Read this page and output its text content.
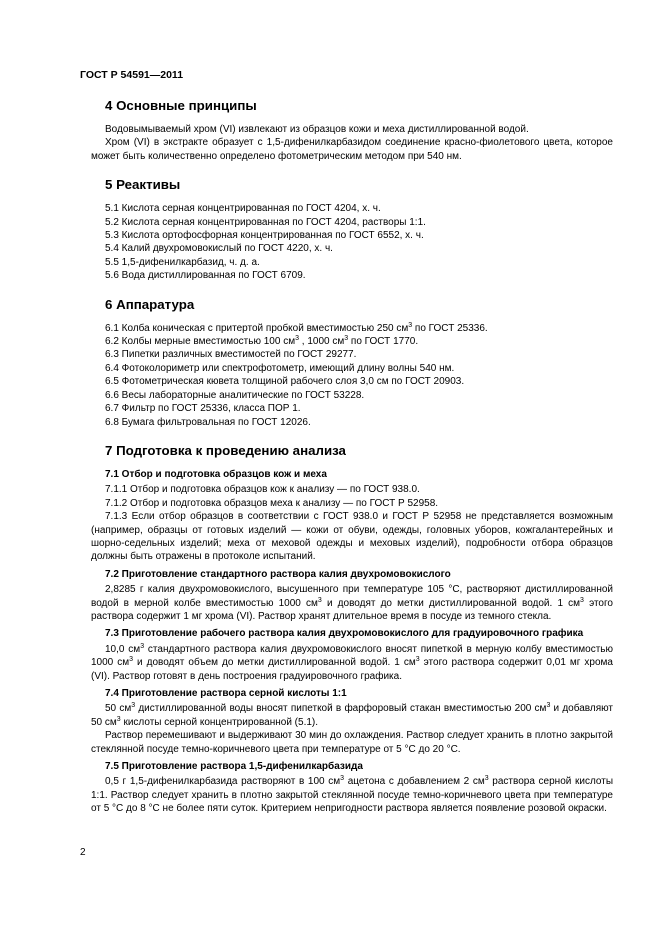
ГОСТ Р 54591—2011
4 Основные принципы

Водовымываемый хром (VI) извлекают из образцов кожи и меха дистиллированной водой.

Хром (VI) в экстракте образует с 1,5-дифенилкарбазидом соединение красно-фиолетового цвета, которое может быть количественно определено фотометрическим методом при 540 нм.

5 Реактивы
5.1 Кислота серная концентрированная по ГОСТ 4204, х. ч.
5.2 Кислота серная концентрированная по ГОСТ 4204, растворы 1:1.
5.3 Кислота ортофосфорная концентрированная по ГОСТ 6552, х. ч.
5.4 Калий двухромовокислый по ГОСТ 4220, х. ч.
5.5 1,5-дифенилкарбазид, ч. д. а.
5.6 Вода дистиллированная по ГОСТ 6709.
6 Аппаратура
6.1 Колба коническая с притертой пробкой вместимостью 250 $см^3$ по ГОСТ 25336.
6.2 Колбы мерные вместимостью 100 $см^3$ , 1000 $см^3$ по ГОСТ 1770.
6.3 Пипетки различных вместимостей по ГОСТ 29277.
6.4 Фотоколориметр или спектрофотометр, имеющий длину волны 540 нм.
6.5 Фотометрическая кювета толщиной рабочего слоя 3,0 см по ГОСТ 20903.
6.6 Весы лабораторные аналитические по ГОСТ 53228.
6.7 Фильтр по ГОСТ 25336, класса ПОР 1.
6.8 Бумага фильтровальная по ГОСТ 12026.
7 Подготовка к проведению анализа
7.1 Отбор и подготовка образцов кож и меха

7.1.1 Отбор и подготовка образцов кож к анализу — по ГОСТ 938.0.

7.1.2 Отбор и подготовка образцов меха к анализу — по ГОСТ Р 52958.

7.1.3 Если отбор образцов в соответствии с ГОСТ 938.0 и ГОСТ Р 52958 не представляется возможным (например, образцы от готовых изделий — кожи от обуви, одежды, головных уборов, кожгалантерейных и шорно-седельных изделий; меха от меховой одежды и меховых изделий), подробности отбора образцов должны быть отражены в протоколе испытаний.

7.2 Приготовление стандартного раствора калия двухромовокислого

2,8285 г калия двухромовокислого, высушенного при температуре 105 °С, растворяют дистиллированной водой в мерной колбе вместимостью 1000 $см^3$ и доводят до метки дистиллированной водой. 1 $см^3$ этого раствора содержит 1 мг хрома (VI). Раствор хранят длительное время в посуде из темного стекла.

7.3 Приготовление рабочего раствора калия двухромовокислого для градуировочного графика

10,0 $см^3$ стандартного раствора калия двухромовокислого вносят пипеткой в мерную колбу вместимостью 1000 $см^3$ и доводят объем до метки дистиллированной водой. 1 $см^3$ этого раствора содержит 0,01 мг хрома (VI). Раствор готовят в день построения градуировочного графика.

7.4 Приготовление раствора серной кислоты 1:1

50 $см^3$ дистиллированной воды вносят пипеткой в фарфоровый стакан вместимостью 200 $см^3$ и добавляют 50 $см^3$ кислоты серной концентрированной (5.1).

Раствор перемешивают и выдерживают 30 мин до охлаждения. Раствор следует хранить в плотно закрытой стеклянной посуде темно-коричневого цвета при температуре от 5 °С до 20 °С.

7.5 Приготовление раствора 1,5-дифенилкарбазида

0,5 г 1,5-дифенилкарбазида растворяют в 100 $см^3$ ацетона с добавлением 2 $см^3$ раствора серной кислоты 1:1. Раствор следует хранить в плотно закрытой стеклянной посуде темно-коричневого цвета при температуре от 5 °С до 8 °С не более пяти суток. Критерием непригодности раствора является появление розовой окраски.

2
